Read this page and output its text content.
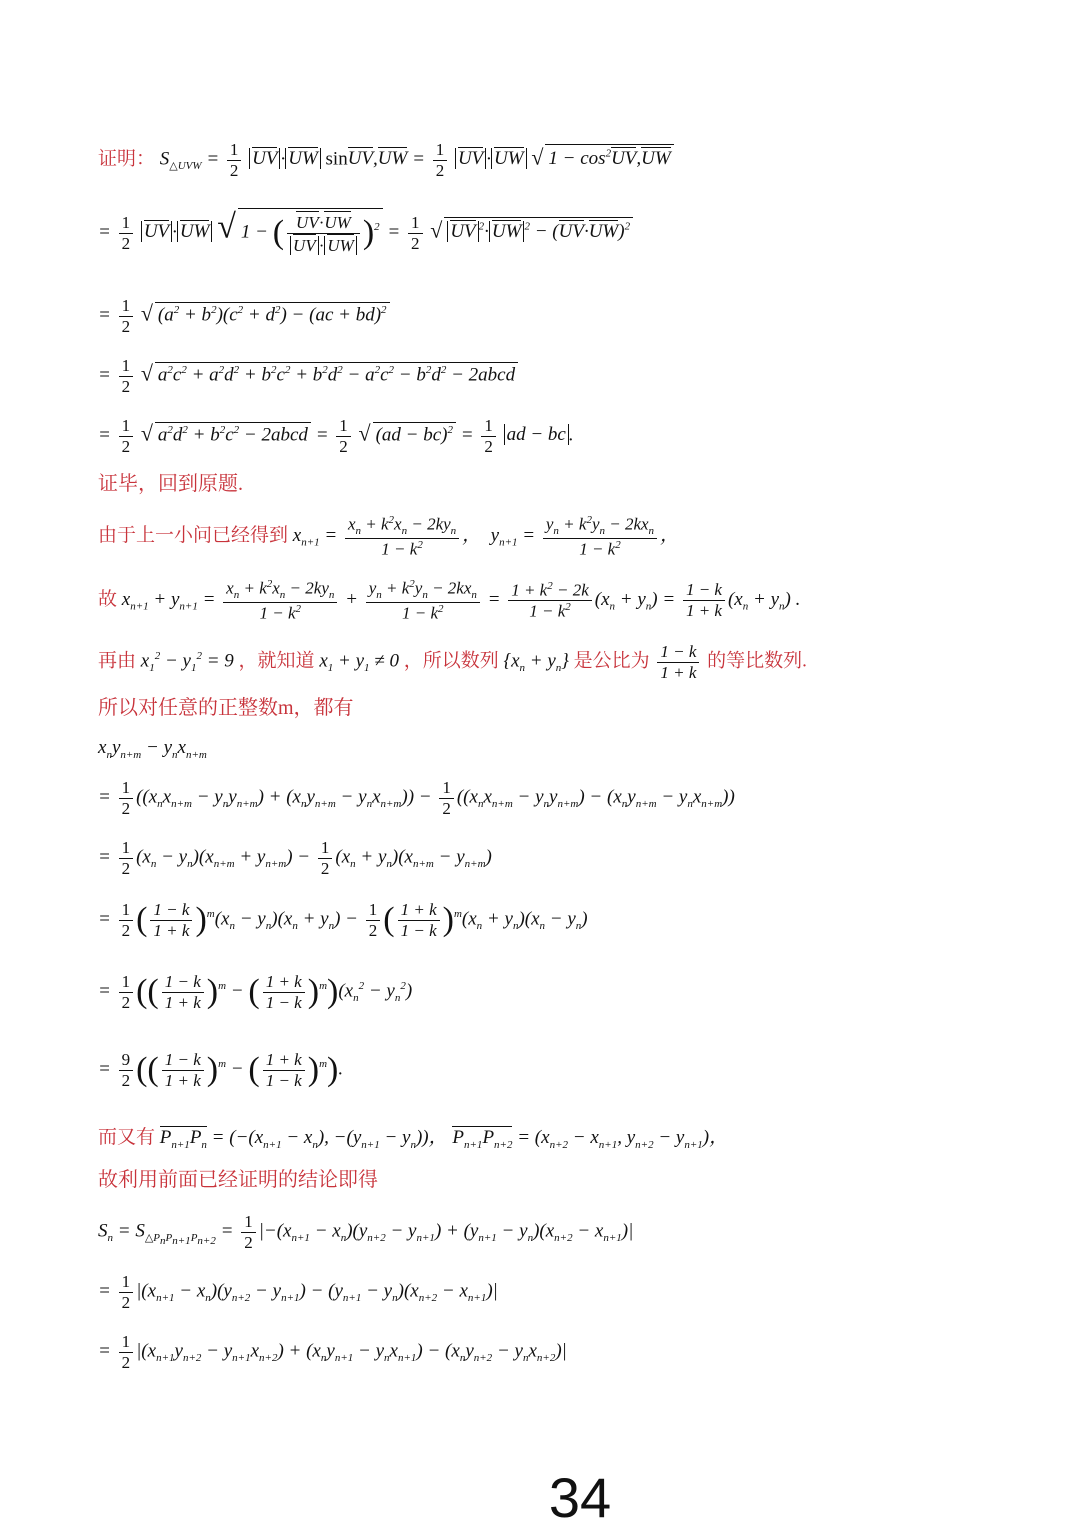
证明： $S_{\triangle UVW} = \frac{1}{2}$ UV · UW sinUV,UW = $\frac{1}{2}$ UV · UW √ $1 - \cos^2UV,UW$
= $\frac{1}{2}$ UV · UW √ 1 − ( $\frac{UV\cdot UW}{UV \cdot UW} )^2 = \frac{1}{2}$ √ UV $^2$· UW $^2 - (UV\cdot UW)^2$
= $\frac{1}{2}$ √ $(a^2 + b^2)(c^2 + d^2) - (ac + bd)^2$
= $\frac{1}{2}$ √ $a^2c^2 + a^2d^2 + b^2c^2 + b^2d^2 - a^2c^2 - b^2d^2$ − 2abcd
= $\frac{1}{2}$ √ $a^2d^2 + b^2c^2$ − 2abcd = $\frac{1}{2}$ √ $(ad - bc)^2 = \frac{1}{2}$ ad − bc .
证毕，回到原题.
由于上一小问已经得到 $x_{n+1} = \frac{x_n + k^2x_n - 2ky_n}{1 - k^2}$ ，  $y_{n+1} = \frac{y_n + k^2y_n - 2kx_n}{1 - k^2}$ ，
故 $x_{n+1} + y_{n+1} = \frac{x_n + k^2x_n - 2ky_n}{1 - k^2} + \frac{y_n + k^2y_n - 2kx_n}{1 - k^2} = \frac{1 + k^2 - 2k}{1 - k^2} (x_n + y_n) = \frac{1 - k}{1 + k} (x_n + y_n)$ .
再由 $x_1^2 - y_1^2 = 9$ ，就知道 $x_1 + y_1 \ne 0$ ，所以数列 $\{x_n + y_n\}$ 是公比为 $\frac{1 - k}{1 + k}$ 的等比数列.
所以对任意的正整数m，都有
$x_ny_{n+m} - y_nx_{n+m}$
= $\frac{1}{2} ((x_nx_{n+m} - y_ny_{n+m}) + (x_ny_{n+m} - y_nx_{n+m})) - \frac{1}{2} ((x_nx_{n+m} - y_ny_{n+m}) - (x_ny_{n+m} - y_nx_{n+m}))$
= $\frac{1}{2} (x_n - y_n)(x_{n+m} + y_{n+m}) - \frac{1}{2} (x_n + y_n)(x_{n+m} - y_{n+m})$
= $\frac{1}{2}$ ( $\frac{1 - k}{1 + k} )^m(x_n - y_n)(x_n + y_n) - \frac{1}{2}$ ( $\frac{1 + k}{1 - k} )^m(x_n + y_n)(x_n - y_n)$
= $\frac{1}{2}$ (( $\frac{1 - k}{1 + k} )^m$ − ( $\frac{1 + k}{1 - k} )^m)(x_n^2 - y_n^2)$
= $\frac{9}{2}$ (( $\frac{1 - k}{1 + k} )^m$ − ( $\frac{1 + k}{1 - k} )^m$).
而又有 $P_{n+1}P_n = (-(x_{n+1} - x_n)$, $-(y_{n+1} - y_n)$)， $P_{n+1}P_{n+2} = (x_{n+2} - x_{n+1}$, $y_{n+2} - y_{n+1}$)，
故利用前面已经证明的结论即得
$S_n = S_{\triangle P_nP_{n+1}P_{n+2}} = \frac{1}{2} |-(x_{n+1} - x_n)(y_{n+2} - y_{n+1}) + (y_{n+1} - y_n)(x_{n+2} - x_{n+1})|$
= $\frac{1}{2} |(x_{n+1} - x_n)(y_{n+2} - y_{n+1}) - (y_{n+1} - y_n)(x_{n+2} - x_{n+1})|$
= $\frac{1}{2} |(x_{n+1}y_{n+2} - y_{n+1}x_{n+2}) + (x_ny_{n+1} - y_nx_{n+1}) - (x_ny_{n+2} - y_nx_{n+2})|$
34
